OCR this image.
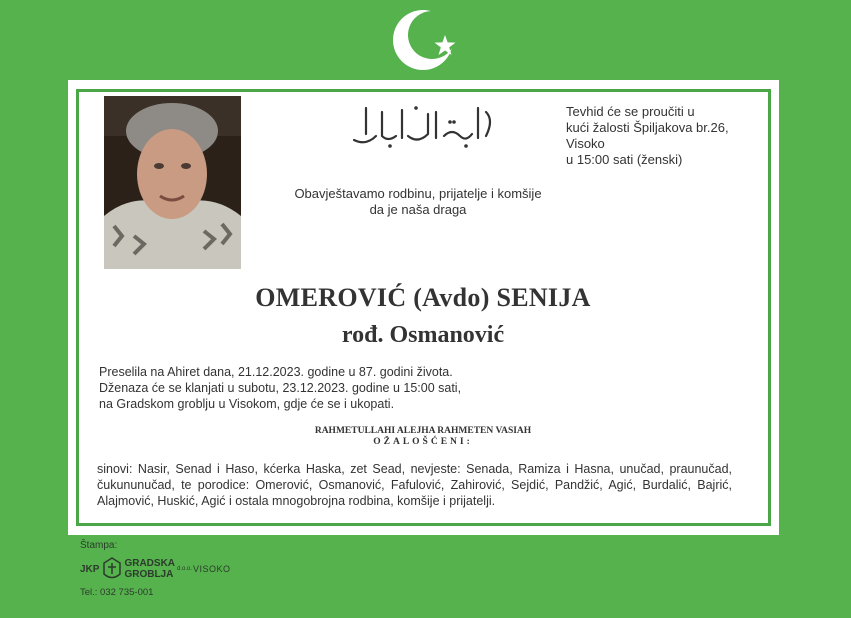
Tevhid će se proučiti u
kući žalosti Špiljakova br.26, Visoko
u 15:00 sati (ženski)
Obavještavamo rodbinu, prijatelje i komšije
da je naša draga
OMEROVIĆ (Avdo) SENIJA
rođ. Osmanović
Preselila na Ahiret dana, 21.12.2023. godine u 87. godini života.
Dženaza će se klanjati u subotu, 23.12.2023. godine u 15:00 sati,
na Gradskom groblju u Visokom, gdje će se i ukopati.
RAHMETULLAHI ALEJHA RAHMETEN VASIAH
OŽALOŠĆENI:
sinovi: Nasir, Senad i Haso, kćerka Haska, zet Sead, nevjeste: Senada, Ramiza i Hasna, unučad, praunučad, čukununučad, te porodice: Omerović, Osmanović, Fafulović, Zahirović, Sejdić, Pandžić, Agić, Burdalić, Bajrić, Alajmović, Huskić, Agić i ostala mnogobrojna rodbina, komšije i prijatelji.
Štampa:
JKP	GRADSKA
GROBLJA d.o.o. VISOKO
Tel.: 032 735-001
